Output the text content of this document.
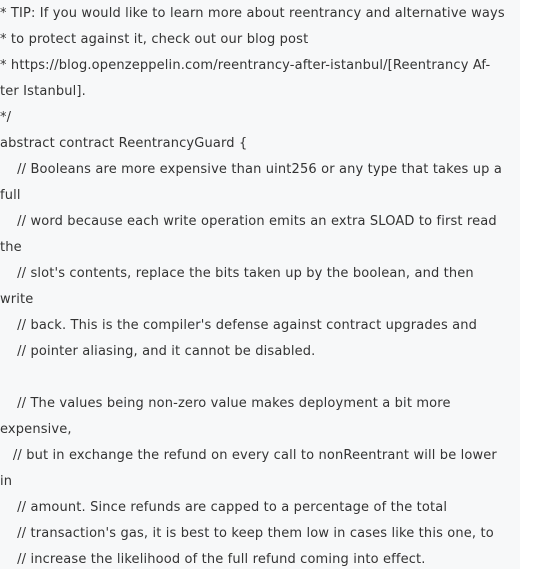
* TIP: If you would like to learn more about reentrancy and alternative ways
* to protect against it, check out our blog post
* https://blog.openzeppelin.com/reentrancy-after-istanbul/[Reentrancy Af-
ter Istanbul].
*/
abstract contract ReentrancyGuard {
// Booleans are more expensive than uint256 or any type that takes up a
full
// word because each write operation emits an extra SLOAD to first read
the
// slot's contents, replace the bits taken up by the boolean, and then
write
// back. This is the compiler's defense against contract upgrades and
// pointer aliasing, and it cannot be disabled.
// The values being non-zero value makes deployment a bit more
expensive,
// but in exchange the refund on every call to nonReentrant will be lower
in
// amount. Since refunds are capped to a percentage of the total
// transaction's gas, it is best to keep them low in cases like this one, to
// increase the likelihood of the full refund coming into effect.
